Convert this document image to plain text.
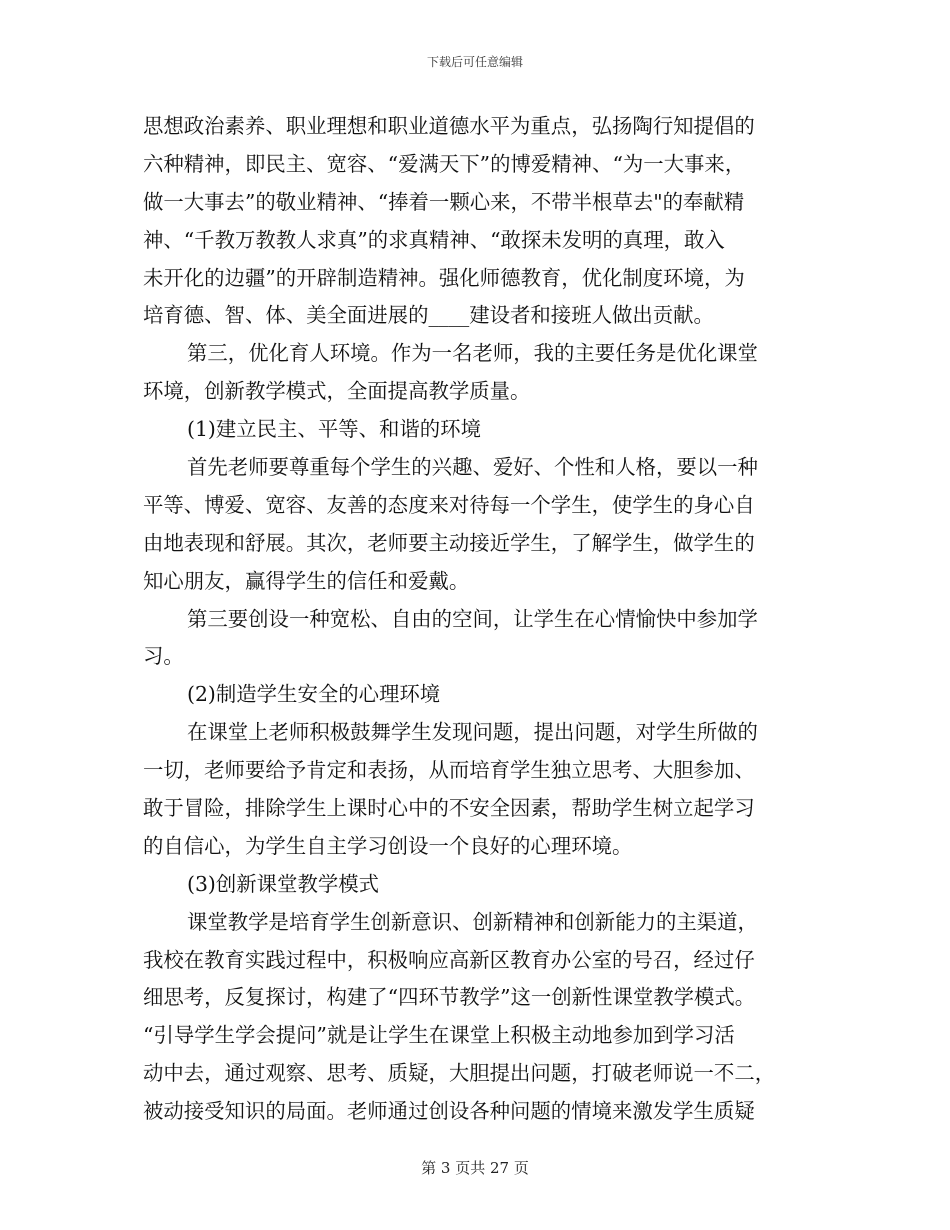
下载后可任意编辑
思想政治素养、职业理想和职业道德水平为重点，弘扬陶行知提倡的
六种精神，即民主、宽容、“爱满天下”的博爱精神、“为一大事来，
做一大事去”的敬业精神、“捧着一颗心来，不带半根草去"的奉献精
神、“千教万教教人求真”的求真精神、“敢探未发明的真理，敢入
未开化的边疆”的开辟制造精神。强化师德教育，优化制度环境，为
培育德、智、体、美全面进展的____建设者和接班人做出贡献。
第三，优化育人环境。作为一名老师，我的主要任务是优化课堂
环境，创新教学模式，全面提高教学质量。
(1)建立民主、平等、和谐的环境
首先老师要尊重每个学生的兴趣、爱好、个性和人格，要以一种
平等、博爱、宽容、友善的态度来对待每一个学生，使学生的身心自
由地表现和舒展。其次，老师要主动接近学生，了解学生，做学生的
知心朋友，赢得学生的信任和爱戴。
第三要创设一种宽松、自由的空间，让学生在心情愉快中参加学
习。
(2)制造学生安全的心理环境
在课堂上老师积极鼓舞学生发现问题，提出问题，对学生所做的
一切，老师要给予肯定和表扬，从而培育学生独立思考、大胆参加、
敢于冒险，排除学生上课时心中的不安全因素，帮助学生树立起学习
的自信心，为学生自主学习创设一个良好的心理环境。
(3)创新课堂教学模式
课堂教学是培育学生创新意识、创新精神和创新能力的主渠道，
我校在教育实践过程中，积极响应高新区教育办公室的号召，经过仔
细思考，反复探讨，构建了“四环节教学”这一创新性课堂教学模式。
“引导学生学会提问”就是让学生在课堂上积极主动地参加到学习活
动中去，通过观察、思考、质疑，大胆提出问题，打破老师说一不二，
被动接受知识的局面。老师通过创设各种问题的情境来激发学生质疑
第 3 页共 27 页
